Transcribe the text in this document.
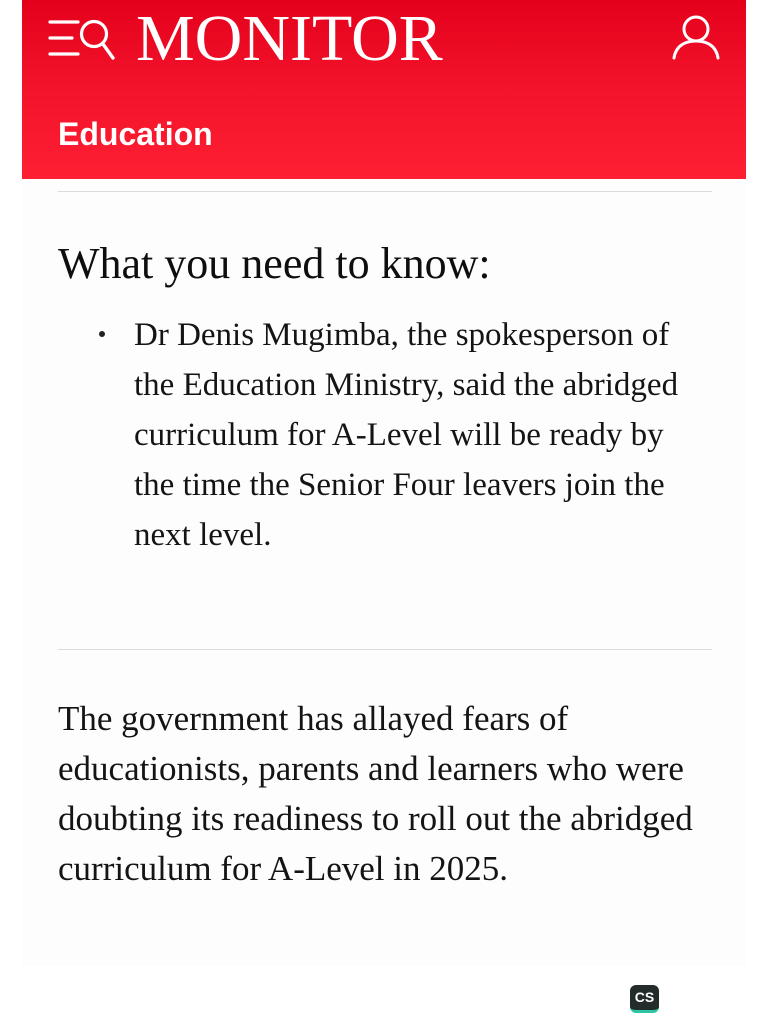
MONITOR
Education
What you need to know:
Dr Denis Mugimba, the spokesperson of the Education Ministry, said the abridged curriculum for A-Level will be ready by the time the Senior Four leavers join the next level.

The government has allayed fears of educationists, parents and learners who were doubting its readiness to roll out the abridged curriculum for A-Level in 2025.

CS
